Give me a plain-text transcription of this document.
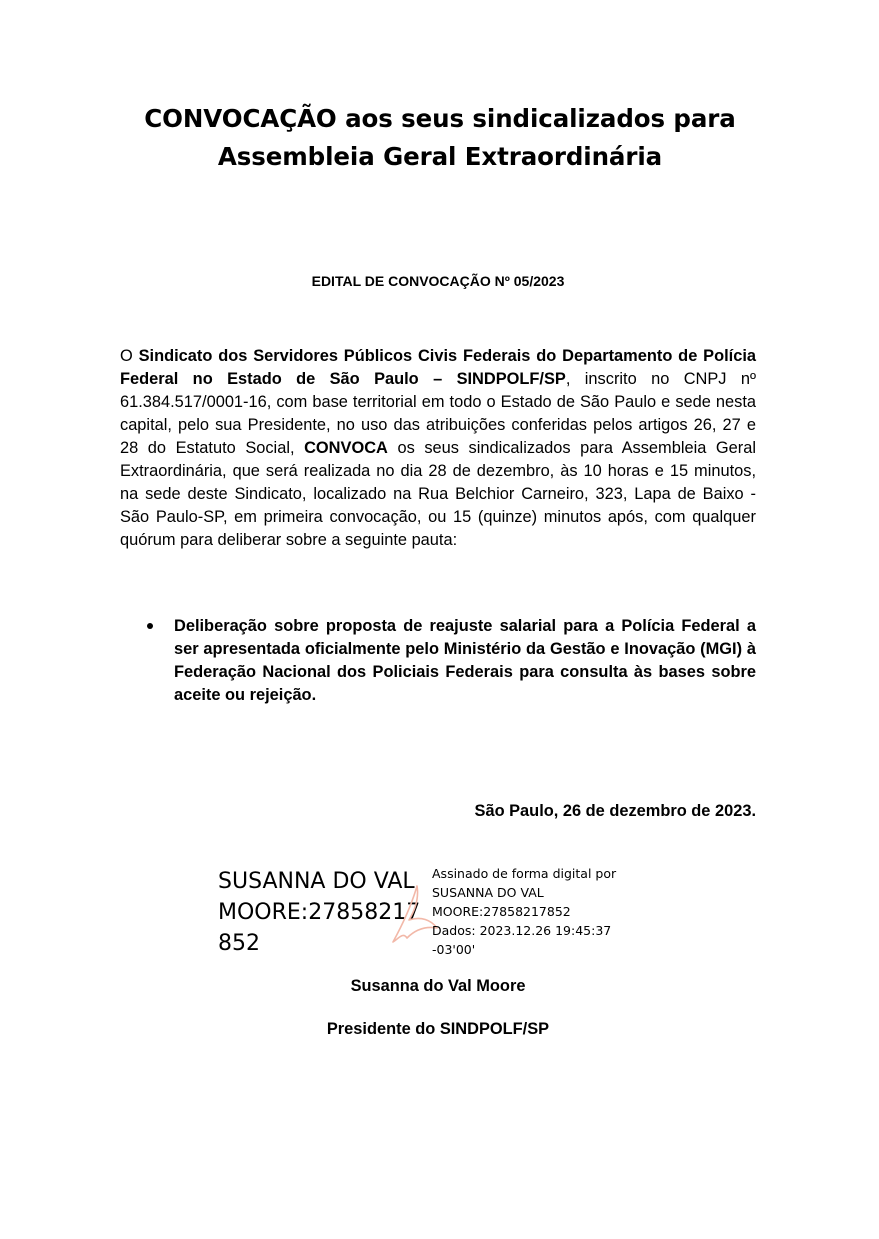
CONVOCAÇÃO aos seus sindicalizados para
Assembleia Geral Extraordinária
EDITAL DE CONVOCAÇÃO Nº 05/2023
O Sindicato dos Servidores Públicos Civis Federais do Departamento de Polícia Federal no Estado de São Paulo – SINDPOLF/SP, inscrito no CNPJ nº 61.384.517/0001-16, com base territorial em todo o Estado de São Paulo e sede nesta capital, pelo sua Presidente, no uso das atribuições conferidas pelos artigos 26, 27 e 28 do Estatuto Social, CONVOCA os seus sindicalizados para Assembleia Geral Extraordinária, que será realizada no dia 28 de dezembro, às 10 horas e 15 minutos, na sede deste Sindicato, localizado na Rua Belchior Carneiro, 323, Lapa de Baixo - São Paulo-SP, em primeira convocação, ou 15 (quinze) minutos após, com qualquer quórum para deliberar sobre a seguinte pauta:
Deliberação sobre proposta de reajuste salarial para a Polícia Federal a ser apresentada oficialmente pelo Ministério da Gestão e Inovação (MGI) à Federação Nacional dos Policiais Federais para consulta às bases sobre aceite ou rejeição.
São Paulo, 26 de dezembro de 2023.
SUSANNA DO VAL
MOORE:27858217
852
Assinado de forma digital por
SUSANNA DO VAL
MOORE:27858217852
Dados: 2023.12.26 19:45:37
-03'00'
Susanna do Val Moore
Presidente do SINDPOLF/SP
